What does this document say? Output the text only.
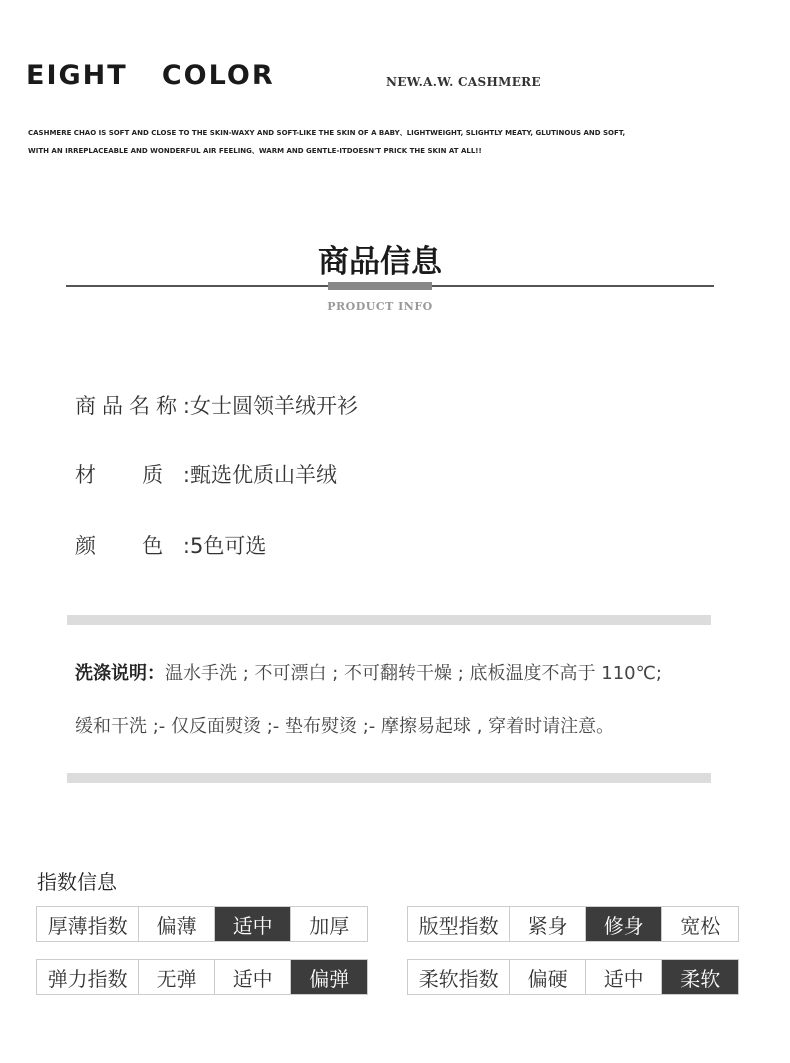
EIGHT   COLOR	NEW.A.W. CASHMERE
CASHMERE CHAO IS SOFT AND CLOSE TO THE SKIN-WAXY AND SOFT-LIKE THE SKIN OF A BABY、LIGHTWEIGHT, SLIGHTLY MEATY, GLUTINOUS AND SOFT,
WITH AN IRREPLACEABLE AND WONDERFUL AIR FEELING、WARM AND GENTLE-ITDOESN'T PRICK THE SKIN AT ALL!!
商品信息
PRODUCT INFO
商品名称: 女士圆领羊绒开衫
材 质: 甄选优质山羊绒
颜 色: 5色可选
洗涤说明：温水手洗 ; 不可漂白 ; 不可翻转干燥 ; 底板温度不高于 110℃;
缓和干洗 ;- 仅反面熨烫 ;- 垫布熨烫 ;- 摩擦易起球 , 穿着时请注意。
指数信息
厚薄指数	偏薄	适中	加厚	版型指数	紧身	修身	宽松
弹力指数	无弹	适中	偏弹	柔软指数	偏硬	适中	柔软
